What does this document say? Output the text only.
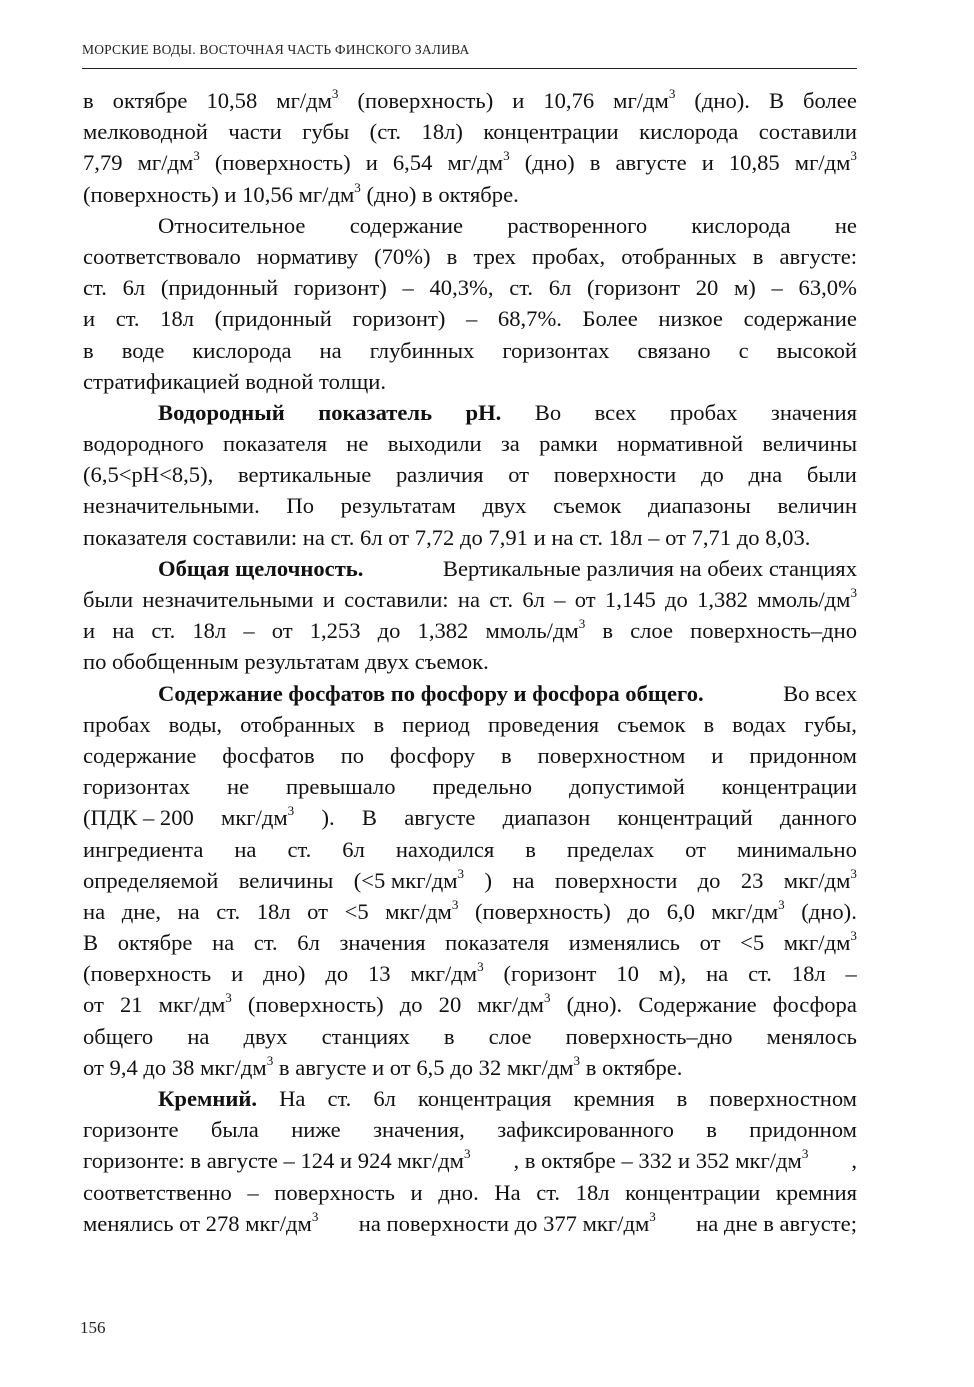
МОРСКИЕ ВОДЫ. ВОСТОЧНАЯ ЧАСТЬ ФИНСКОГО ЗАЛИВА
в октябре 10,58 $мг/дм^3$ (поверхность) и 10,76 $мг/дм^3$ (дно). В более
мелководной части губы (ст. 18л) концентрации кислорода составили
7,79 $мг/дм^3$ (поверхность) и 6,54 $мг/дм^3$ (дно) в августе и 10,85 $мг/дм^3$
(поверхность) и 10,56 $мг/дм^3$ (дно) в октябре.
Относительное содержание растворенного кислорода не
соответствовало нормативу (70%) в трех пробах, отобранных в августе:
ст. 6л (придонный горизонт) – 40,3%, ст. 6л (горизонт 20 м) – 63,0%
и ст. 18л (придонный горизонт) – 68,7%. Более низкое содержание
в воде кислорода на глубинных горизонтах связано с высокой
стратификацией водной толщи.
Водородный показатель pH. Во всех пробах значения
водородного показателя не выходили за рамки нормативной величины
(6,5<pH<8,5), вертикальные различия от поверхности до дна были
незначительными. По результатам двух съемок диапазоны величин
показателя составили: на ст. 6л от 7,72 до 7,91 и на ст. 18л – от 7,71 до 8,03.
Общая щелочность.	Вертикальные различия на обеих станциях
были незначительными и составили: на ст. 6л – от 1,145 до 1,382 ммоль/$дм^3$
и на ст. 18л – от 1,253 до 1,382 ммоль/$дм^3$ в слое поверхность–дно
по обобщенным результатам двух съемок.
Содержание фосфатов по фосфору и фосфора общего.	Во всех
пробах воды, отобранных в период проведения съемок в водах губы,
содержание фосфатов по фосфору в поверхностном и придонном
горизонтах не превышало предельно допустимой концентрации
(ПДК – 200 мкг/$дм^3$ ). В августе диапазон концентраций данного
ингредиента на ст. 6л находился в пределах от минимально
определяемой величины (<5 мкг/$дм^3$ ) на поверхности до 23 мкг/$дм^3$
на дне, на ст. 18л от <5 мкг/$дм^3$ (поверхность) до 6,0 мкг/$дм^3$ (дно).
В октябре на ст. 6л значения показателя изменялись от <5 мкг/$дм^3$
(поверхность и дно) до 13 мкг/$дм^3$ (горизонт 10 м), на ст. 18л –
от 21 мкг/$дм^3$ (поверхность) до 20 мкг/$дм^3$ (дно). Содержание фосфора
общего на двух станциях в слое поверхность–дно менялось
от 9,4 до 38 мкг/$дм^3$ в августе и от 6,5 до 32 мкг/$дм^3$ в октябре.
Кремний. На ст. 6л концентрация кремния в поверхностном
горизонте была ниже значения, зафиксированного в придонном
горизонте: в августе – 124 и 924 мкг/$дм^3$ , в октябре – 332 и 352 мкг/$дм^3$ ,
соответственно – поверхность и дно. На ст. 18л концентрации кремния
менялись от 278 мкг/$дм^3$ на поверхности до 377 мкг/$дм^3$ на дне в августе;
156
